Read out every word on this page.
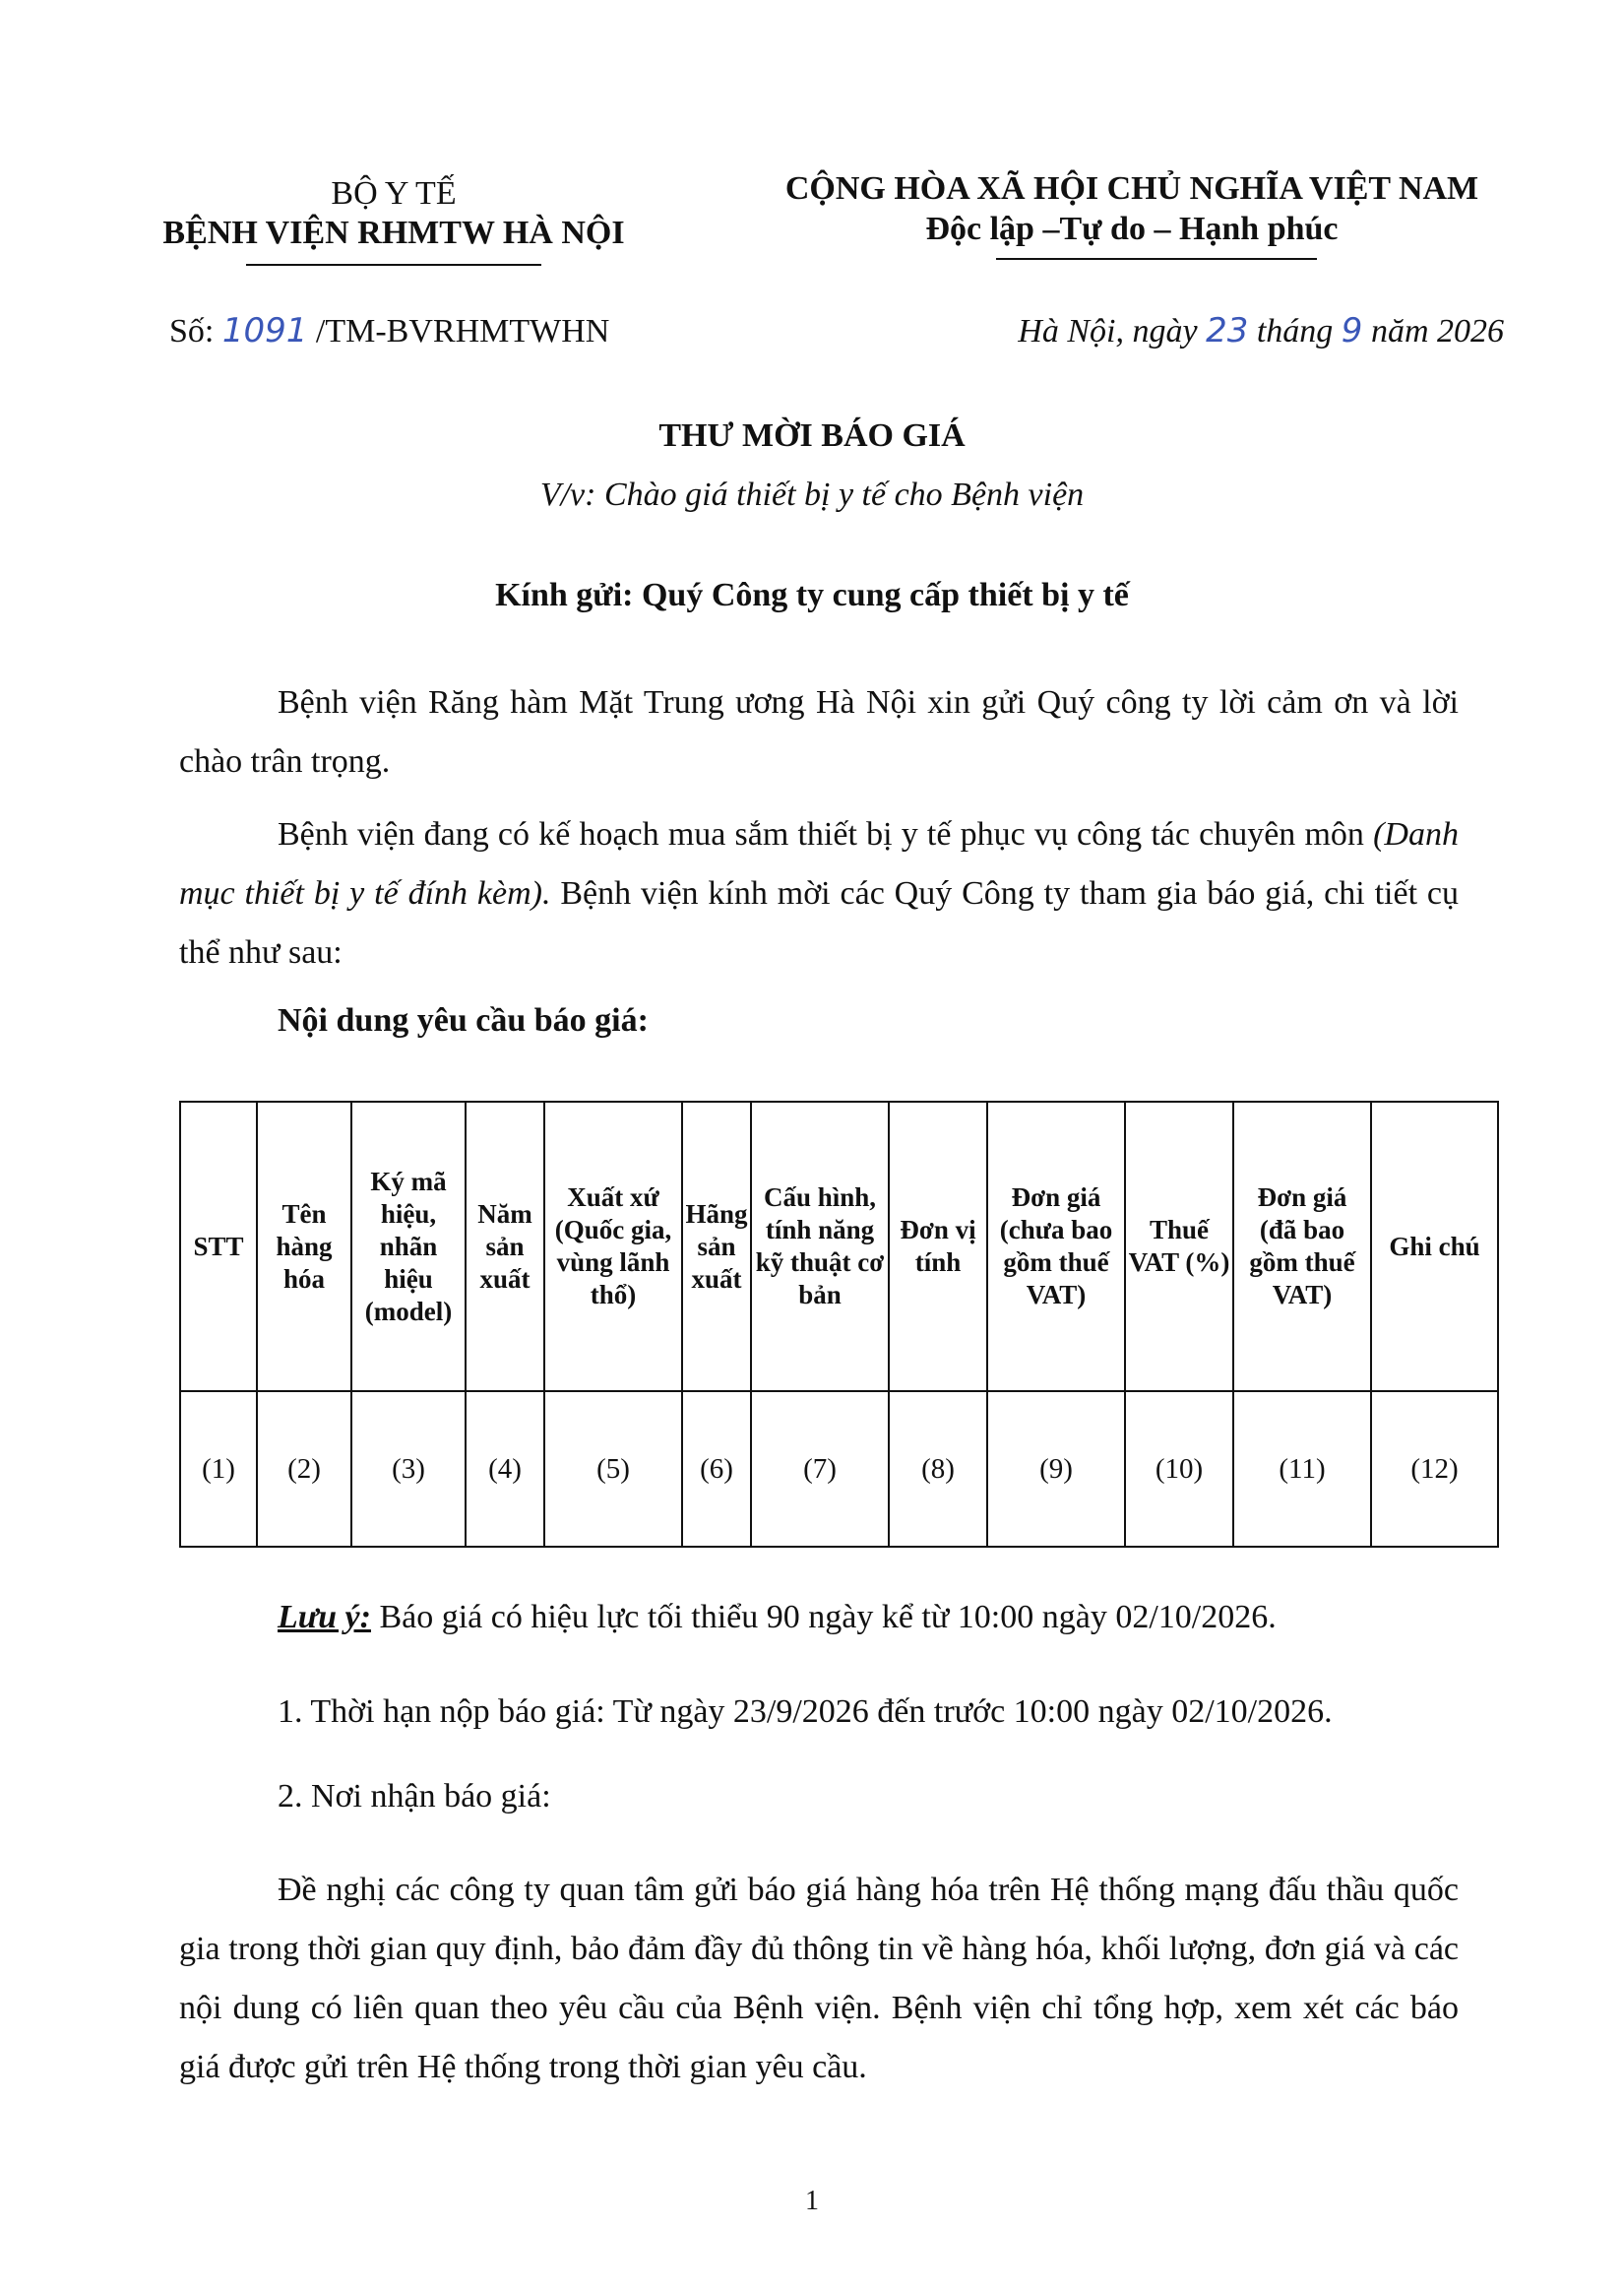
BỘ Y TẾ
BỆNH VIỆN RHMTW HÀ NỘI
CỘNG HÒA XÃ HỘI CHỦ NGHĨA VIỆT NAM
Độc lập –Tự do – Hạnh phúc
Số: 1091 /TM-BVRHMTWHN	Hà Nội, ngày 23 tháng 9 năm 2026
THƯ MỜI BÁO GIÁ
V/v: Chào giá thiết bị y tế cho Bệnh viện
Kính gửi: Quý Công ty cung cấp thiết bị y tế

Bệnh viện Răng hàm Mặt Trung ương Hà Nội xin gửi Quý công ty lời cảm ơn và lời chào trân trọng.

Bệnh viện đang có kế hoạch mua sắm thiết bị y tế phục vụ công tác chuyên môn (Danh mục thiết bị y tế đính kèm). Bệnh viện kính mời các Quý Công ty tham gia báo giá, chi tiết cụ thể như sau:

Nội dung yêu cầu báo giá:
STT	Tên hàng hóa	Ký mã hiệu, nhãn hiệu (model)	Năm sản xuất	Xuất xứ (Quốc gia, vùng lãnh thổ)	Hãng sản xuất	Cấu hình, tính năng kỹ thuật cơ bản	Đơn vị tính	Đơn giá (chưa bao gồm thuế VAT)	Thuế VAT (%)	Đơn giá (đã bao gồm thuế VAT)	Ghi chú
(1)	(2)	(3)	(4)	(5)	(6)	(7)	(8)	(9)	(10)	(11)	(12)
Lưu ý: Báo giá có hiệu lực tối thiểu 90 ngày kể từ 10:00 ngày 02/10/2026.
1. Thời hạn nộp báo giá: Từ ngày 23/9/2026 đến trước 10:00 ngày 02/10/2026.
2. Nơi nhận báo giá:

Đề nghị các công ty quan tâm gửi báo giá hàng hóa trên Hệ thống mạng đấu thầu quốc gia trong thời gian quy định, bảo đảm đầy đủ thông tin về hàng hóa, khối lượng, đơn giá và các nội dung có liên quan theo yêu cầu của Bệnh viện. Bệnh viện chỉ tổng hợp, xem xét các báo giá được gửi trên Hệ thống trong thời gian yêu cầu.

1
